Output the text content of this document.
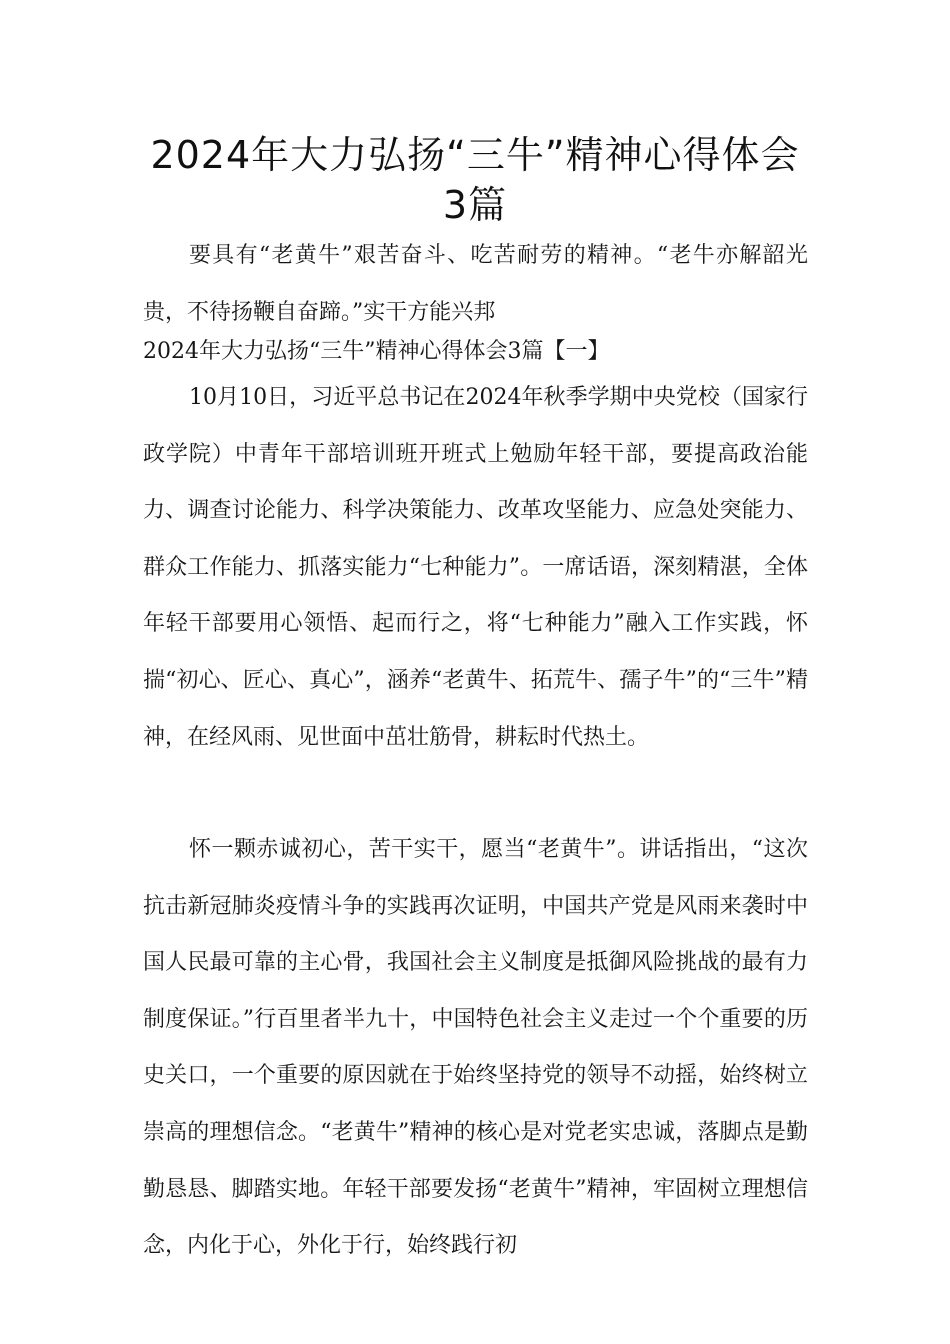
2024年大力弘扬“三牛”精神心得体会
3篇
要具有“老黄牛”艰苦奋斗、吃苦耐劳的精神。“老牛亦解韶光贵，不待扬鞭自奋蹄。”实干方能兴邦
2024年大力弘扬“三牛”精神心得体会3篇【一】
10月10日，习近平总书记在2024年秋季学期中央党校（国家行政学院）中青年干部培训班开班式上勉励年轻干部，要提高政治能力、调查讨论能力、科学决策能力、改革攻坚能力、应急处突能力、群众工作能力、抓落实能力“七种能力”。一席话语，深刻精湛，全体年轻干部要用心领悟、起而行之，将“七种能力”融入工作实践，怀揣“初心、匠心、真心”，涵养“老黄牛、拓荒牛、孺子牛”的“三牛”精神，在经风雨、见世面中茁壮筋骨，耕耘时代热土。
怀一颗赤诚初心，苦干实干，愿当“老黄牛”。讲话指出，“这次抗击新冠肺炎疫情斗争的实践再次证明，中国共产党是风雨来袭时中国人民最可靠的主心骨，我国社会主义制度是抵御风险挑战的最有力制度保证。”行百里者半九十，中国特色社会主义走过一个个重要的历史关口，一个重要的原因就在于始终坚持党的领导不动摇，始终树立崇高的理想信念。“老黄牛”精神的核心是对党老实忠诚，落脚点是勤勤恳恳、脚踏实地。年轻干部要发扬“老黄牛”精神，牢固树立理想信念，内化于心，外化于行，始终践行初
